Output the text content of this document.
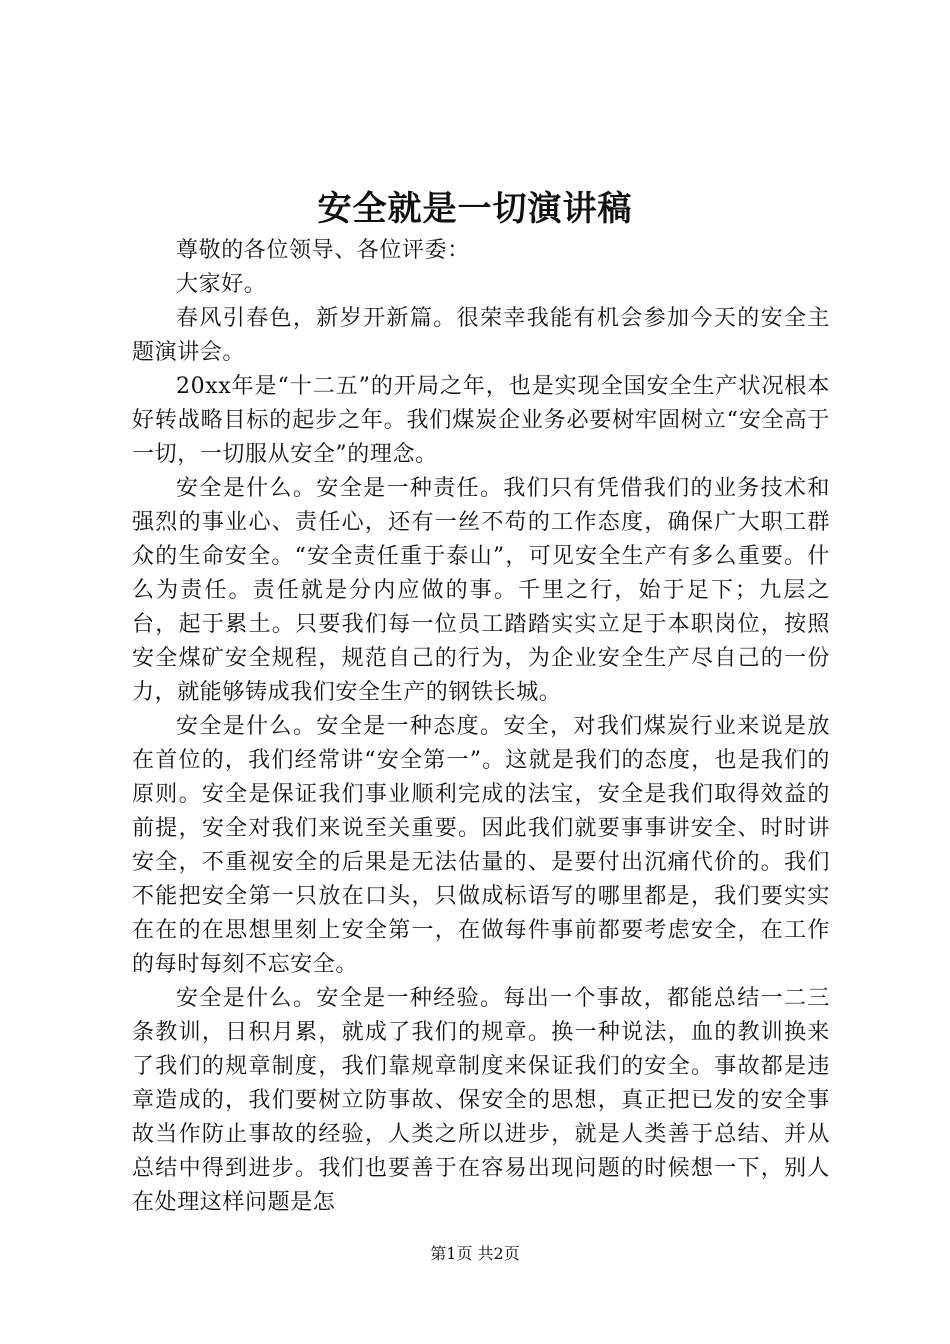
安全就是一切演讲稿

尊敬的各位领导、各位评委：

大家好。

春风引春色，新岁开新篇。很荣幸我能有机会参加今天的安全主题演讲会。

20xx年是“十二五”的开局之年，也是实现全国安全生产状况根本好转战略目标的起步之年。我们煤炭企业务必要树牢固树立“安全高于一切，一切服从安全”的理念。

安全是什么。安全是一种责任。我们只有凭借我们的业务技术和强烈的事业心、责任心，还有一丝不苟的工作态度，确保广大职工群众的生命安全。“安全责任重于泰山”，可见安全生产有多么重要。什么为责任。责任就是分内应做的事。千里之行，始于足下；九层之台，起于累土。只要我们每一位员工踏踏实实立足于本职岗位，按照安全煤矿安全规程，规范自己的行为，为企业安全生产尽自己的一份力，就能够铸成我们安全生产的钢铁长城。

安全是什么。安全是一种态度。安全，对我们煤炭行业来说是放在首位的，我们经常讲“安全第一”。这就是我们的态度，也是我们的原则。安全是保证我们事业顺利完成的法宝，安全是我们取得效益的前提，安全对我们来说至关重要。因此我们就要事事讲安全、时时讲安全，不重视安全的后果是无法估量的、是要付出沉痛代价的。我们不能把安全第一只放在口头，只做成标语写的哪里都是，我们要实实在在的在思想里刻上安全第一，在做每件事前都要考虑安全，在工作的每时每刻不忘安全。

安全是什么。安全是一种经验。每出一个事故，都能总结一二三条教训，日积月累，就成了我们的规章。换一种说法，血的教训换来了我们的规章制度，我们靠规章制度来保证我们的安全。事故都是违章造成的，我们要树立防事故、保安全的思想，真正把已发的安全事故当作防止事故的经验，人类之所以进步，就是人类善于总结、并从总结中得到进步。我们也要善于在容易出现问题的时候想一下，别人在处理这样问题是怎

第1页 共2页
